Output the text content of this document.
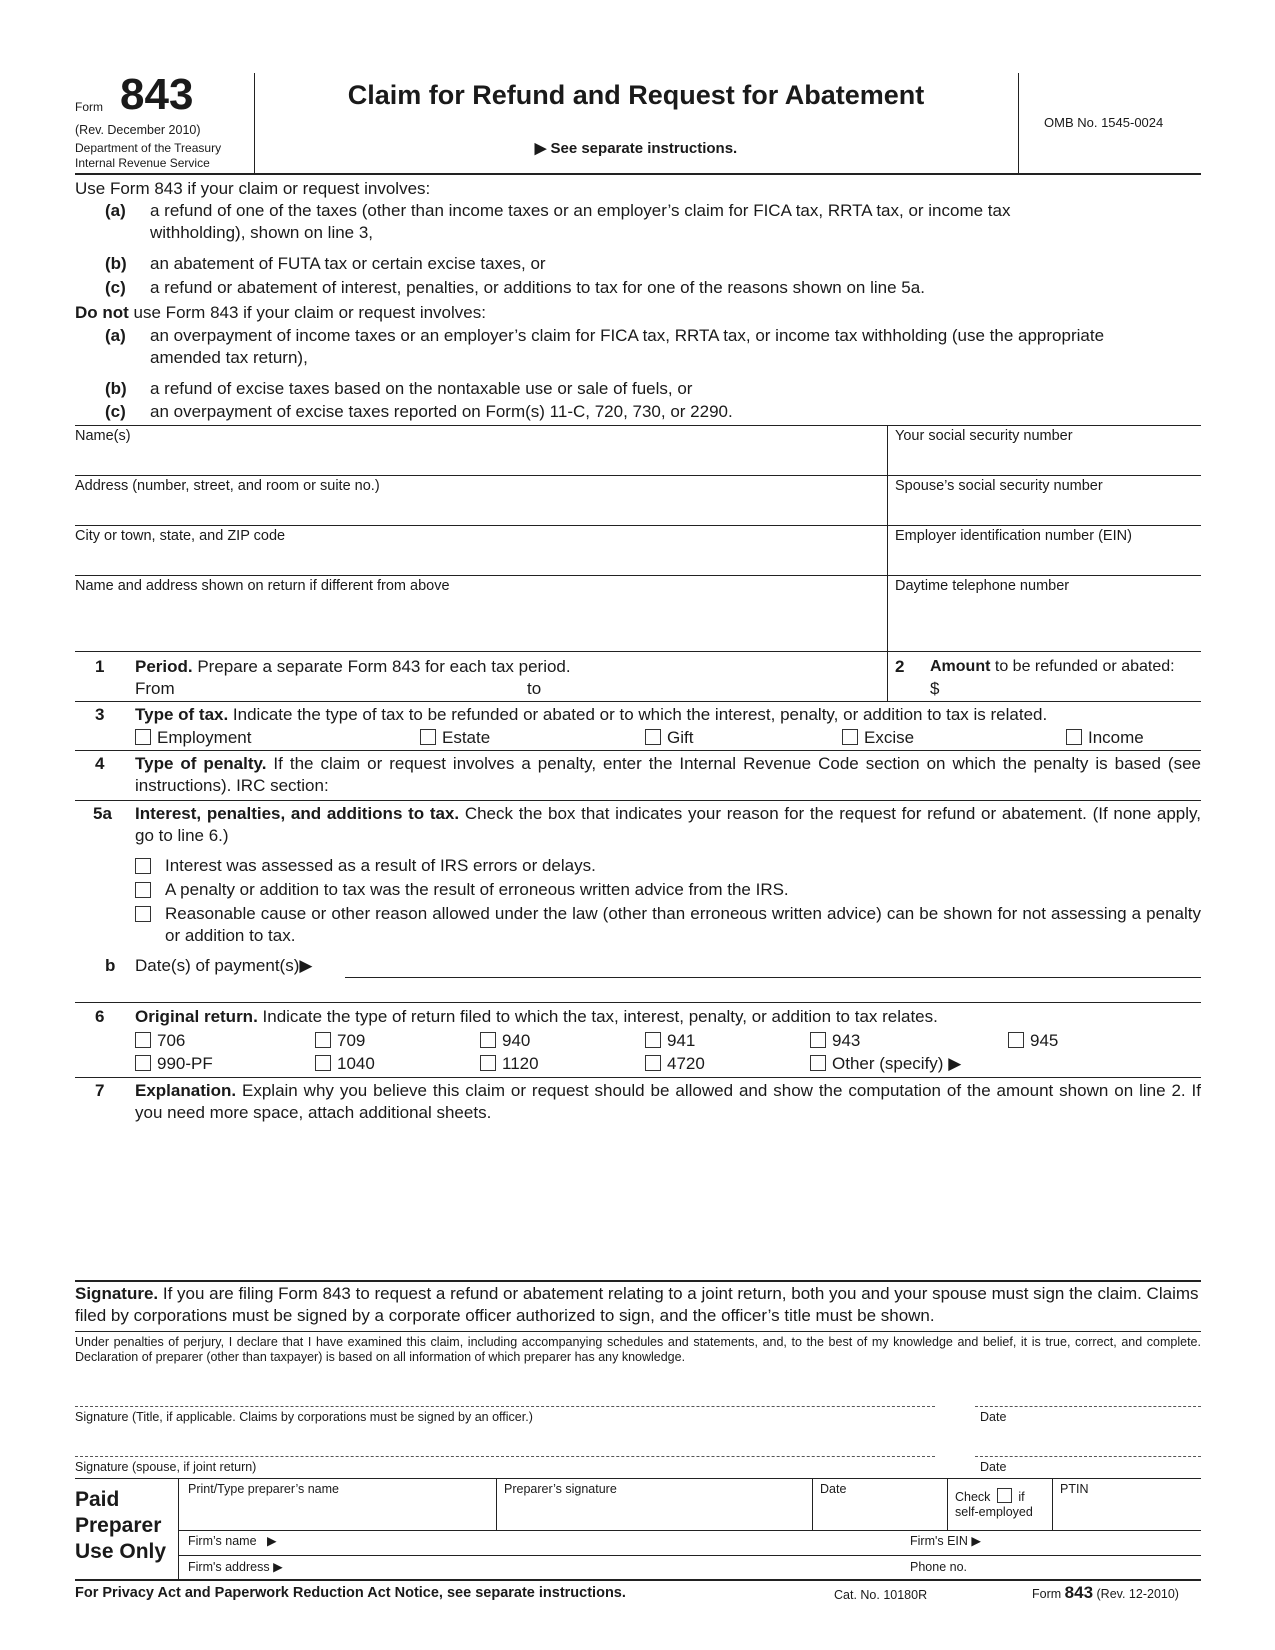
Form 843
(Rev. December 2010)
Department of the Treasury
Internal Revenue Service
Claim for Refund and Request for Abatement
▶ See separate instructions.
OMB No. 1545-0024
Use Form 843 if your claim or request involves:
(a) a refund of one of the taxes (other than income taxes or an employer’s claim for FICA tax, RRTA tax, or income tax withholding), shown on line 3,
(b) an abatement of FUTA tax or certain excise taxes, or
(c) a refund or abatement of interest, penalties, or additions to tax for one of the reasons shown on line 5a.
Do not use Form 843 if your claim or request involves:
(a) an overpayment of income taxes or an employer’s claim for FICA tax, RRTA tax, or income tax withholding (use the appropriate amended tax return),
(b) a refund of excise taxes based on the nontaxable use or sale of fuels, or
(c) an overpayment of excise taxes reported on Form(s) 11-C, 720, 730, or 2290.
Name(s)	Your social security number
Address (number, street, and room or suite no.)	Spouse’s social security number
City or town, state, and ZIP code	Employer identification number (EIN)
Name and address shown on return if different from above	Daytime telephone number
1 Period. Prepare a separate Form 843 for each tax period.
From	to
2 Amount to be refunded or abated:
$
3 Type of tax. Indicate the type of tax to be refunded or abated or to which the interest, penalty, or addition to tax is related.
Employment	Estate	Gift	Excise	Income
4 Type of penalty. If the claim or request involves a penalty, enter the Internal Revenue Code section on which the penalty is based (see instructions). IRC section:
5a Interest, penalties, and additions to tax. Check the box that indicates your reason for the request for refund or abatement. (If none apply, go to line 6.)
Interest was assessed as a result of IRS errors or delays.
A penalty or addition to tax was the result of erroneous written advice from the IRS.
Reasonable cause or other reason allowed under the law (other than erroneous written advice) can be shown for not assessing a penalty or addition to tax.
b Date(s) of payment(s)▶
6 Original return. Indicate the type of return filed to which the tax, interest, penalty, or addition to tax relates.
706	709	940	941	943	945
990-PF	1040	1120	4720	Other (specify) ▶
7 Explanation. Explain why you believe this claim or request should be allowed and show the computation of the amount shown on line 2. If you need more space, attach additional sheets.
Signature. If you are filing Form 843 to request a refund or abatement relating to a joint return, both you and your spouse must sign the claim. Claims filed by corporations must be signed by a corporate officer authorized to sign, and the officer’s title must be shown.
Under penalties of perjury, I declare that I have examined this claim, including accompanying schedules and statements, and, to the best of my knowledge and belief, it is true, correct, and complete. Declaration of preparer (other than taxpayer) is based on all information of which preparer has any knowledge.
Signature (Title, if applicable. Claims by corporations must be signed by an officer.)	Date
Signature (spouse, if joint return)	Date
Paid
Preparer
Use Only
Print/Type preparer’s name	Preparer’s signature	Date
Check if
self-employed
PTIN
Firm’s name ▶	Firm's EIN ▶
Firm's address ▶	Phone no.
For Privacy Act and Paperwork Reduction Act Notice, see separate instructions.	Cat. No. 10180R	Form 843 (Rev. 12-2010)
